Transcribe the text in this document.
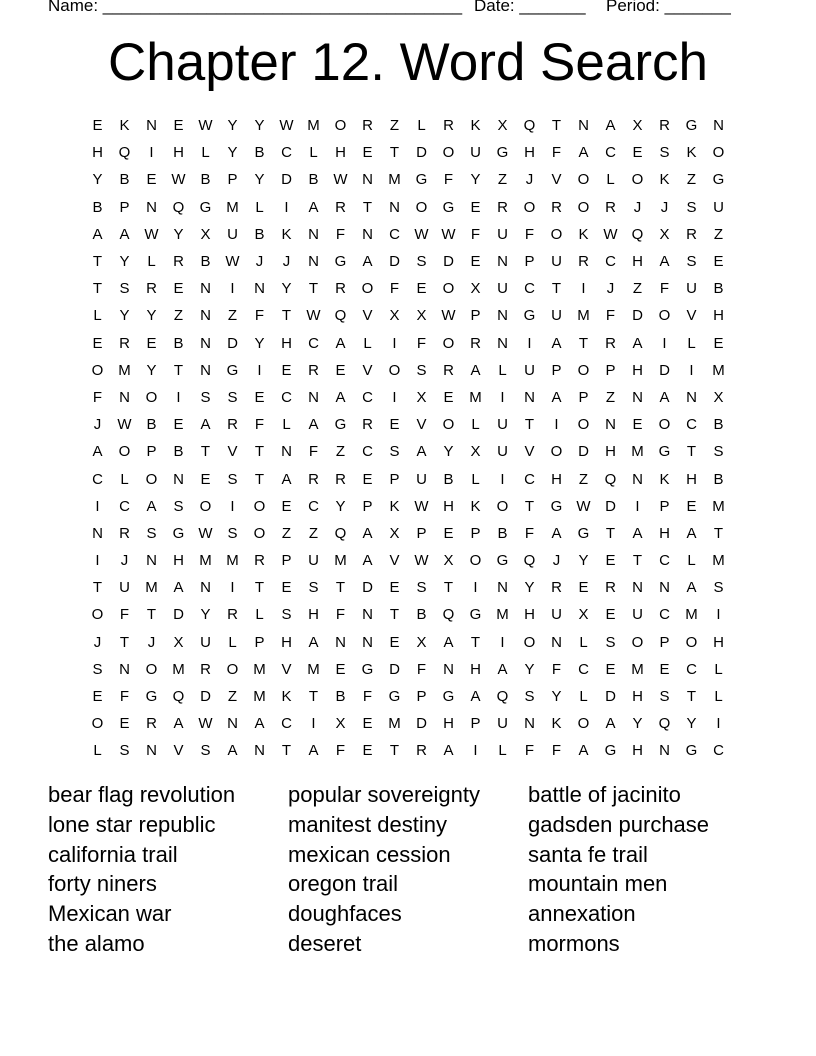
Name: ______________________________________ Date: _______ Period: _______
Chapter 12. Word Search
E	K	N	E W Y	Y W M O	R	Z	L	R	K	X	Q	T	N	A	X	R	G	N
H	Q	I	H	L	Y	B	C	L	H	E	T	D	O	U	G	H	F	A	C	E	S	K	O
Y	B	E W B	P	Y	D	B W N	M G	F	Y	Z	J	V	O	L	O	K	Z	G
B	P	N	Q	G M	L	I	A	R	T	N	O	G	E	R	O	R	O	R	J	J	S	U
A	A W Y	X	U	B	K	N	F	N	C W W	F	U	F	O	K W Q	X	R	Z
T	Y	L	R	B W	J	J	N	G	A	D	S	D	E	N	P	U	R	C	H	A	S	E
T	S	R	E	N	I	N	Y	T	R	O	F	E	O	X	U	C	T	I	J	Z	F	U	B
L	Y	Y	Z	N	Z	F	T	W Q	V	X	X W P	N	G	U	M	F	D	O	V	H
E	R	E	B	N	D	Y	H	C	A	L	I	F	O	R	N	I	A	T	R	A	I	L	E
O M	Y	T	N	G	I	E	R	E	V	O	S	R	A	L	U	P	O	P	H	D	I	M
F	N	O	I	S	S	E	C	N	A	C	I	X	E	M	I	N	A	P	Z	N	A	N	X
J	W B	E	A	R	F	L	A	G	R	E	V	O	L	U	T	I	O	N	E	O	C	B
A	O	P	B	T	V	T	N	F	Z	C	S	A	Y	X	U	V	O	D	H	M G	T	S
C	L	O	N	E	S	T	A	R	R	E	P	U	B	L	I	C	H	Z	Q	N	K	H	B
I	C	A	S	O	I	O	E	C	Y	P	K W H	K	O	T	G W D	I	P	E	M
N	R	S	G W S	O	Z	Z	Q	A	X	P	E	P	B	F	A	G	T	A	H	A	T
I	J	N	H	M M	R	P	U	M	A	V W X	O	G	Q	J	Y	E	T	C	L	M
T	U	M	A	N	I	T	E	S	T	D	E	S	T	I	N	Y	R	E	R	N	N	A	S
O	F	T	D	Y	R	L	S	H	F	N	T	B	Q	G M	H	U	X	E	U	C	M	I
J	T	J	X	U	L	P	H	A	N	N	E	X	A	T	I	O	N	L	S	O	P	O	H
S	N	O M	R	O M	V	M	E	G	D	F	N	H	A	Y	F	C	E	M	E	C	L
E	F	G	Q	D	Z	M	K	T	B	F	G	P	G	A	Q	S	Y	L	D	H	S	T	L
O	E	R	A W N	A	C	I	X	E	M	D	H	P	U	N	K	O	A	Y	Q	Y	I
L	S	N	V	S	A	N	T	A	F	E	T	R	A	I	L	F	F	A	G	H	N	G	C
bear flag revolution
lone star republic
california trail
forty niners
Mexican war
the alamo
popular sovereignty
manitest destiny
mexican cession
oregon trail
doughfaces
deseret
battle of jacinito
gadsden purchase
santa fe trail
mountain men
annexation
mormons
